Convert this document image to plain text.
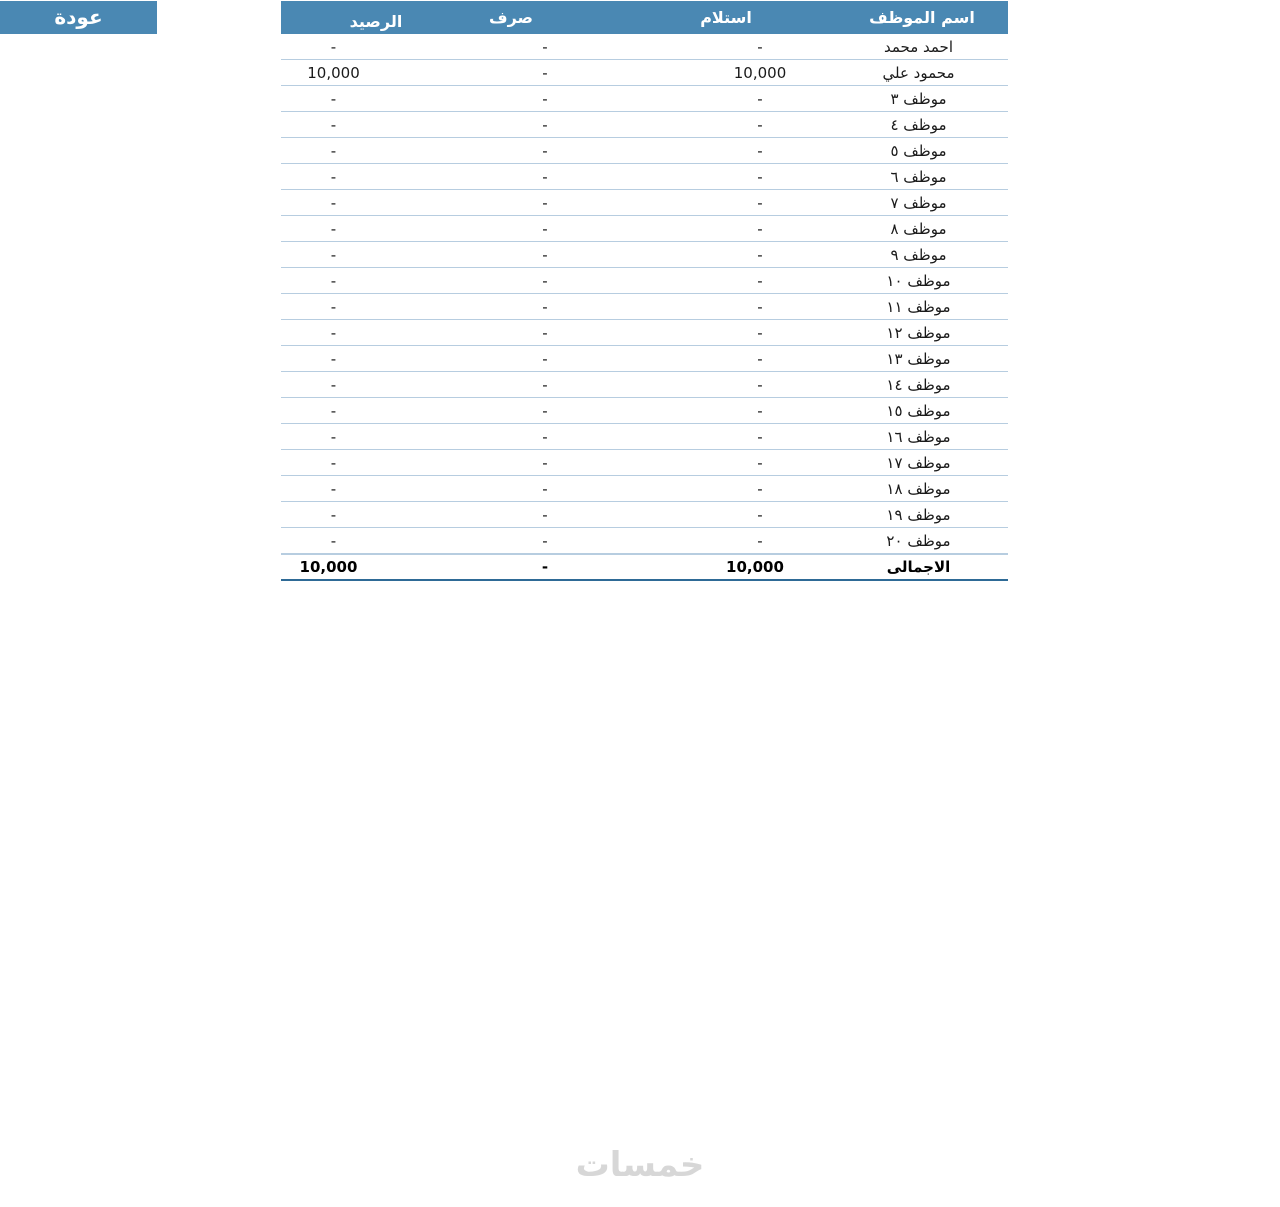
عودة	اسم الموظف
استلام
صرف
الرصيد
احمد محمد
-
-
-
محمود علي
10,000
-
10,000
موظف ٣
-
-
-
موظف ٤
-
-
-
موظف ٥
-
-
-
موظف ٦
-
-
-
موظف ٧
-
-
-
موظف ٨
-
-
-
موظف ٩
-
-
-
موظف ١٠
-
-
-
موظف ١١
-
-
-
موظف ١٢
-
-
-
موظف ١٣
-
-
-
موظف ١٤
-
-
-
موظف ١٥
-
-
-
موظف ١٦
-
-
-
موظف ١٧
-
-
-
موظف ١٨
-
-
-
موظف ١٩
-
-
-
موظف ٢٠
-
-
-
الاجمالى
10,000
-
10,000
خمسات
